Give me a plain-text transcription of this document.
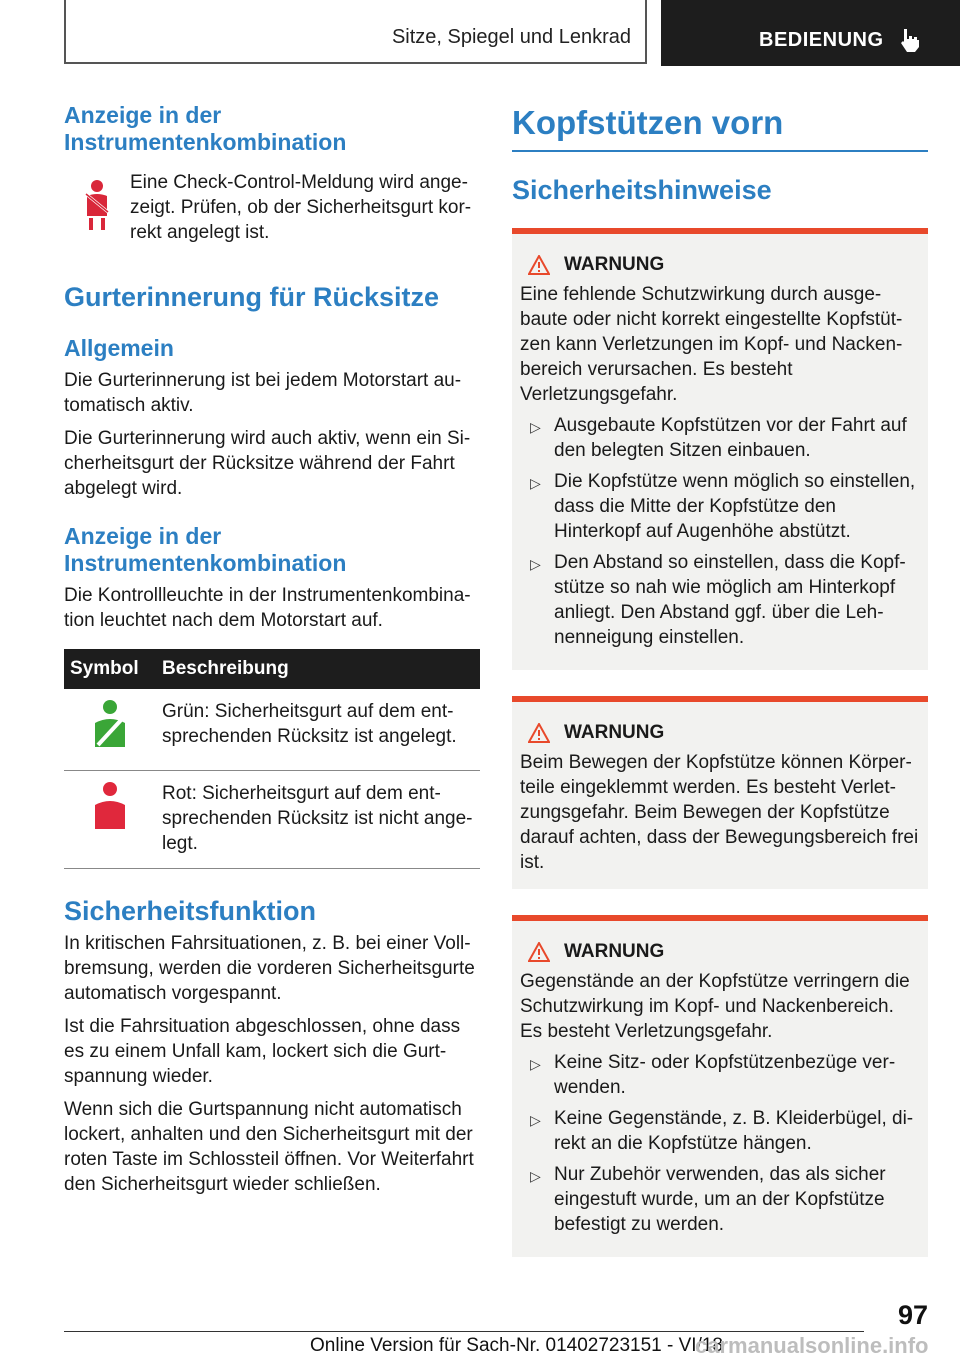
Sitze, Spiegel und Lenkrad	BEDIENUNG
Anzeige in der Instrumentenkombination

Eine Check-Control-Meldung wird angezeigt. Prüfen, ob der Sicherheitsgurt korrekt angelegt ist.

Gurterinnerung für Rücksitze
Allgemein

Die Gurterinnerung ist bei jedem Motorstart automatisch aktiv.

Die Gurterinnerung wird auch aktiv, wenn ein Sicherheitsgurt der Rücksitze während der Fahrt abgelegt wird.

Anzeige in der Instrumentenkombination

Die Kontrollleuchte in der Instrumentenkombination leuchtet nach dem Motorstart auf.

Symbol	Beschreibung
	Grün: Sicherheitsgurt auf dem entsprechenden Rücksitz ist angelegt.
	Rot: Sicherheitsgurt auf dem entsprechenden Rücksitz ist nicht angelegt.
Sicherheitsfunktion

In kritischen Fahrsituationen, z. B. bei einer Vollbremsung, werden die vorderen Sicherheitsgurte automatisch vorgespannt.

Ist die Fahrsituation abgeschlossen, ohne dass es zu einem Unfall kam, lockert sich die Gurtspannung wieder.

Wenn sich die Gurtspannung nicht automatisch lockert, anhalten und den Sicherheitsgurt mit der roten Taste im Schlossteil öffnen. Vor Weiterfahrt den Sicherheitsgurt wieder schließen.

Kopfstützen vorn
Sicherheitshinweise
WARNUNG

Eine fehlende Schutzwirkung durch ausgebaute oder nicht korrekt eingestellte Kopfstützen kann Verletzungen im Kopf- und Nackenbereich verursachen. Es besteht Verletzungsgefahr.

▷ Ausgebaute Kopfstützen vor der Fahrt auf den belegten Sitzen einbauen.
▷ Die Kopfstütze wenn möglich so einstellen, dass die Mitte der Kopfstütze den Hinterkopf auf Augenhöhe abstützt.
▷ Den Abstand so einstellen, dass die Kopfstütze so nah wie möglich am Hinterkopf anliegt. Den Abstand ggf. über die Lehnenneigung einstellen.
WARNUNG

Beim Bewegen der Kopfstütze können Körperteile eingeklemmt werden. Es besteht Verletzungsgefahr. Beim Bewegen der Kopfstütze darauf achten, dass der Bewegungsbereich frei ist.

WARNUNG

Gegenstände an der Kopfstütze verringern die Schutzwirkung im Kopf- und Nackenbereich. Es besteht Verletzungsgefahr.

▷ Keine Sitz- oder Kopfstützenbezüge verwenden.
▷ Keine Gegenstände, z. B. Kleiderbügel, direkt an die Kopfstütze hängen.
▷ Nur Zubehör verwenden, das als sicher eingestuft wurde, um an der Kopfstütze befestigt zu werden.
97
Online Version für Sach-Nr. 01402723151 - VI/18
carmanualsonline.info
